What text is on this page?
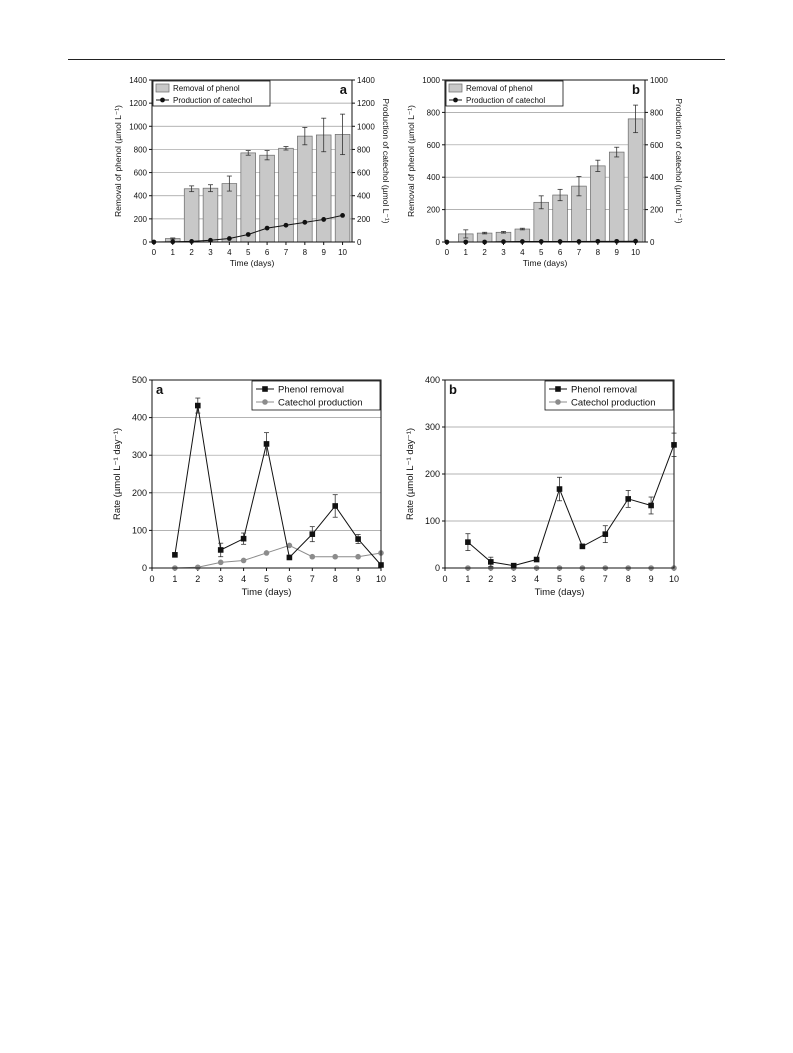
0
200
400
600
800
1000
1200
1400
0
200
400
600
800
1000
1200
1400
0 1 2 3 4 5 6 7 8 9 10
Removal of phenol
Production of catechol
a
Time (days)
Removal of phenol (µmol L⁻¹)	Production of catechol (µmol L⁻¹)
0
200
400
600
800
1000
0
200
400
600
800
1000
0 1 2 3 4 5 6 7 8 9 10
Removal of phenol
Production of catechol
b
Time (days)
Removal of phenol (µmol L⁻¹)	Production of catechol (µmol L⁻¹)
0
100
200
300
400
500
0 1 2 3 4 5 6 7 8 9 10
Phenol removal
Catechol production
a
Time (days)
Rate (µmol L⁻¹ day⁻¹)
0
100
200
300
400
0 1 2 3 4 5 6 7 8 9 10
Phenol removal
Catechol production
b
Time (days)
Rate (µmol L⁻¹ day⁻¹)
